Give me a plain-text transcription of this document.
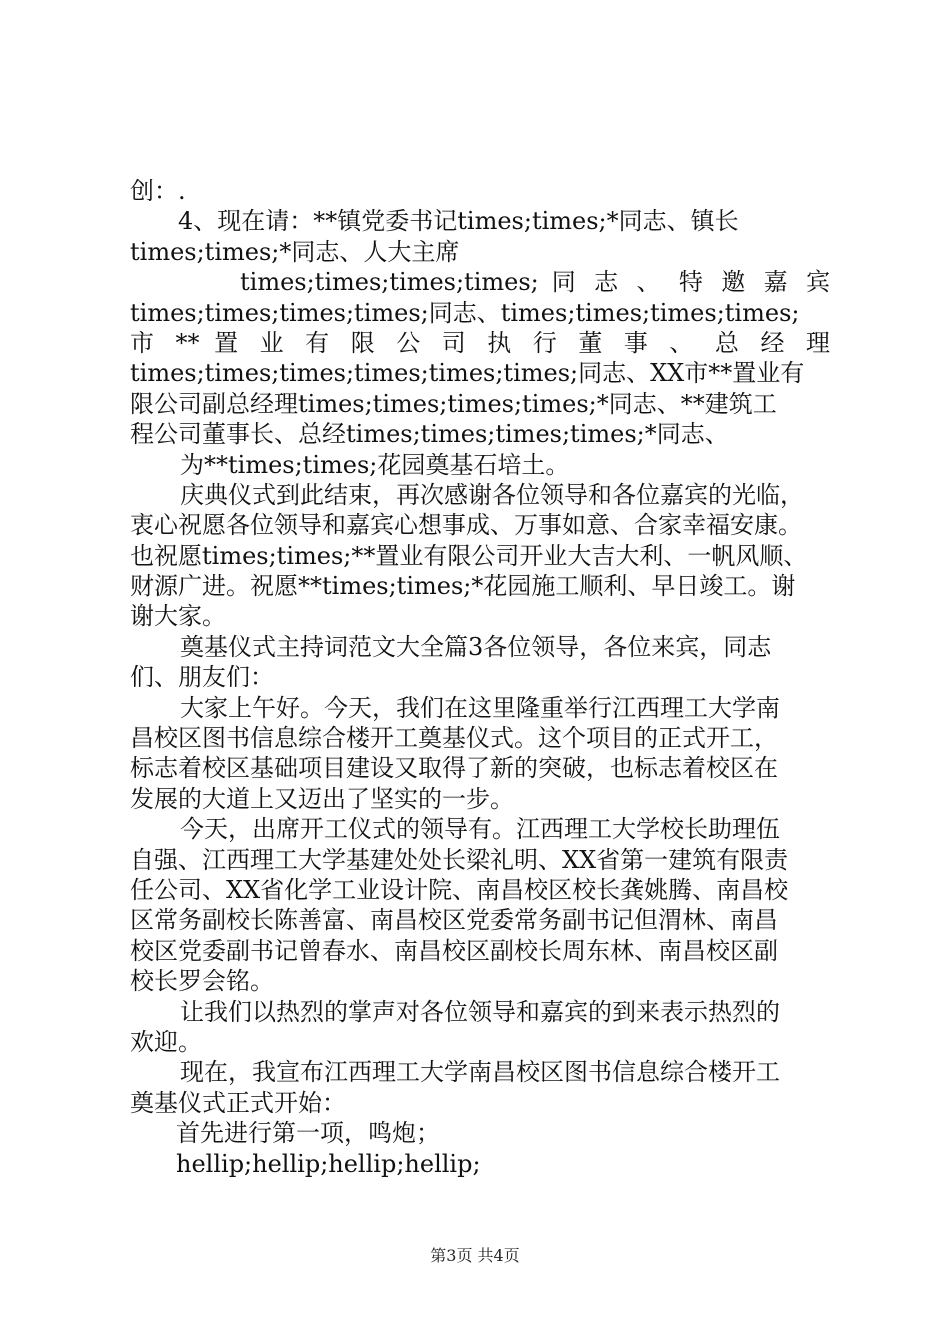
创：.
4、现在请：**镇党委书记times;times;*同志、镇长
times;times;*同志、人大主席
times;times;times;times; 同 志 、 特 邀 嘉 宾
times;times;times;times;同志、times;times;times;times;
市 ** 置 业 有 限 公 司 执 行 董 事 、 总 经 理
times;times;times;times;times;times;同志、XX市**置业有
限公司副总经理times;times;times;times;*同志、**建筑工
程公司董事长、总经times;times;times;times;*同志、
为**times;times;花园奠基石培土。
庆典仪式到此结束，再次感谢各位领导和各位嘉宾的光临，
衷心祝愿各位领导和嘉宾心想事成、万事如意、合家幸福安康。
也祝愿times;times;**置业有限公司开业大吉大利、一帆风顺、
财源广进。祝愿**times;times;*花园施工顺利、早日竣工。谢
谢大家。
奠基仪式主持词范文大全篇3各位领导，各位来宾，同志
们、朋友们：
大家上午好。今天，我们在这里隆重举行江西理工大学南
昌校区图书信息综合楼开工奠基仪式。这个项目的正式开工，
标志着校区基础项目建设又取得了新的突破，也标志着校区在
发展的大道上又迈出了坚实的一步。
今天，出席开工仪式的领导有。江西理工大学校长助理伍
自强、江西理工大学基建处处长梁礼明、XX省第一建筑有限责
任公司、XX省化学工业设计院、南昌校区校长龚姚腾、南昌校
区常务副校长陈善富、南昌校区党委常务副书记但渭林、南昌
校区党委副书记曾春水、南昌校区副校长周东林、南昌校区副
校长罗会铭。
让我们以热烈的掌声对各位领导和嘉宾的到来表示热烈的
欢迎。
现在，我宣布江西理工大学南昌校区图书信息综合楼开工
奠基仪式正式开始：
首先进行第一项，鸣炮；
hellip;hellip;hellip;hellip;
第3页 共4页
